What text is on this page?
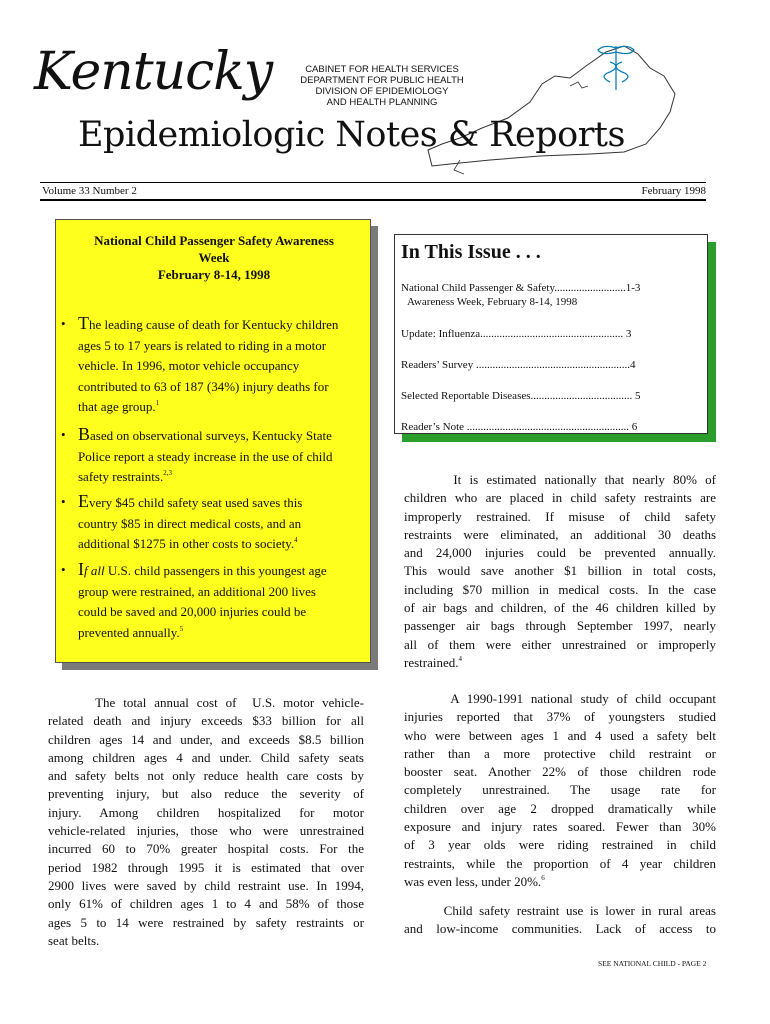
Kentucky	CABINET FOR HEALTH SERVICES
DEPARTMENT FOR PUBLIC HEALTH
DIVISION OF EPIDEMIOLOGY
AND HEALTH PLANNING
Epidemiologic Notes & Reports
Volume 33 Number 2	February 1998
National Child Passenger Safety Awareness
Week
February 8-14, 1998
• The leading cause of death for Kentucky children
ages 5 to 17 years is related to riding in a motor
vehicle. In 1996, motor vehicle occupancy
contributed to 63 of 187 (34%) injury deaths for
that age group.$^1$
• Based on observational surveys, Kentucky State
Police report a steady increase in the use of child
safety restraints.$^{2,3}$
• Every $45 child safety seat used saves this
country $85 in direct medical costs, and an
additional $1275 in other costs to society.$^4$
• If all U.S. child passengers in this youngest age
group were restrained, an additional 200 lives
could be saved and 20,000 injuries could be
prevented annually.$^5$
In This Issue . . .
National Child Passenger & Safety..........................1-3
Awareness Week, February 8-14, 1998
Update: Influenza.................................................... 3
Readers’ Survey ........................................................4
Selected Reportable Diseases..................................... 5
Reader’s Note ........................................................... 6
The total annual cost of  U.S. motor vehicle-
related death and injury exceeds $33 billion for all
children ages 14 and under, and exceeds $8.5 billion
among children ages 4 and under. Child safety seats
and safety belts not only reduce health care costs by
preventing injury, but also reduce the severity of
injury. Among children hospitalized for motor
vehicle-related injuries, those who were unrestrained
incurred 60 to 70% greater hospital costs. For the
period 1982 through 1995 it is estimated that over
2900 lives were saved by child restraint use. In 1994,
only 61% of children ages 1 to 4 and 58% of those
ages 5 to 14 were restrained by safety restraints or
seat belts.
It is estimated nationally that nearly 80% of
children who are placed in child safety restraints are
improperly restrained. If misuse of child safety
restraints were eliminated, an additional 30 deaths
and 24,000 injuries could be prevented annually.
This would save another $1 billion in total costs,
including $70 million in medical costs. In the case
of air bags and children, of the 46 children killed by
passenger air bags through September 1997, nearly
all of them were either unrestrained or improperly
restrained.$^4$
A 1990-1991 national study of child occupant
injuries reported that 37% of youngsters studied
who were between ages 1 and 4 used a safety belt
rather than a more protective child restraint or
booster seat. Another 22% of those children rode
completely unrestrained. The usage rate for
children over age 2 dropped dramatically while
exposure and injury rates soared. Fewer than 30%
of 3 year olds were riding restrained in child
restraints, while the proportion of 4 year children
was even less, under 20%.$^6$
Child safety restraint use is lower in rural areas
and low-income communities. Lack of access to
SEE NATIONAL CHILD - PAGE 2
